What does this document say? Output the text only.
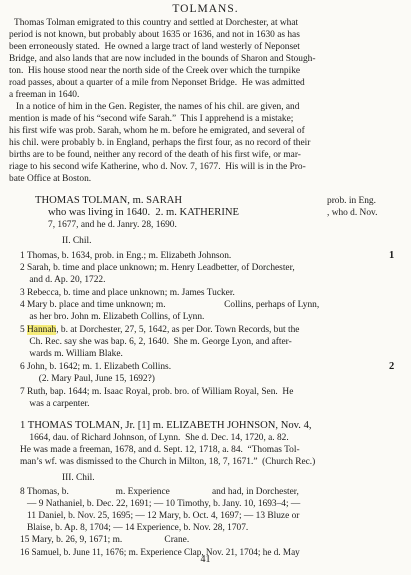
TOLMANS.
Thomas Tolman emigrated to this country and settled at Dorchester, at what
period is not known, but probably about 1635 or 1636, and not in 1630 as has
been erroneously stated.  He owned a large tract of land westerly of Neponset
Bridge, and also lands that are now included in the bounds of Sharon and Stough-
ton.  His house stood near the north side of the Creek over which the turnpike
road passes, about a quarter of a mile from Neponset Bridge.  He was admitted
a freeman in 1640.
In a notice of him in the Gen. Register, the names of his chil. are given, and
mention is made of his “second wife Sarah.”  This I apprehend is a mistake;
his first wife was prob. Sarah, whom he m. before he emigrated, and several of
his chil. were probably b. in England, perhaps the first four, as no record of their
births are to be found, neither any record of the death of his first wife, or mar-
riage to his second wife Katherine, who d. Nov. 7, 1677.  His will is in the Pro-
bate Office at Boston.
THOMAS TOLMAN, m. SARAH	prob. in Eng.
who was living in 1640.  2. m. KATHERINE	, who d. Nov.
7, 1677, and he d. Janry. 28, 1690.
II. Chil.
1 Thomas, b. 1634, prob. in Eng.; m. Elizabeth Johnson.	1
2 Sarah, b. time and place unknown; m. Henry Leadbetter, of Dorchester,
and d. Ap. 20, 1722.
3 Rebecca, b. time and place unknown; m. James Tucker.
4 Mary b. place and time unknown; m.                         Collins, perhaps of Lynn,
as her bro. John m. Elizabeth Collins, of Lynn.
5 Hannah, b. at Dorchester, 27, 5, 1642, as per Dor. Town Records, but the
Ch. Rec. say she was bap. 6, 2, 1640.  She m. George Lyon, and after-
wards m. William Blake.
6 John, b. 1642; m. 1. Elizabeth Collins.	2
(2. Mary Paul, June 15, 1692?)
7 Ruth, bap. 1644; m. Isaac Royal, prob. bro. of William Royal, Sen.  He
was a carpenter.
1 THOMAS TOLMAN, Jr. [1] m. ELIZABETH JOHNSON, Nov. 4,
1664, dau. of Richard Johnson, of Lynn.  She d. Dec. 14, 1720, a. 82.
He was made a freeman, 1678, and d. Sept. 12, 1718, a. 84.  “Thomas Tol-
man’s wf. was dismissed to the Church in Milton, 18, 7, 1671.”  (Church Rec.)
III. Chil.
8 Thomas, b.                    m. Experience                  and had, in Dorchester,
— 9 Nathaniel, b. Dec. 22, 1691; — 10 Timothy, b. Jany. 10, 1693–4; —
11 Daniel, b. Nov. 25, 1695; — 12 Mary, b. Oct. 4, 1697; — 13 Bluze or
Blaise, b. Ap. 8, 1704; — 14 Experience, b. Nov. 28, 1707.
15 Mary, b. 26, 9, 1671; m.                  Crane.
16 Samuel, b. June 11, 1676; m. Experience Clap, Nov. 21, 1704; he d. May
41
